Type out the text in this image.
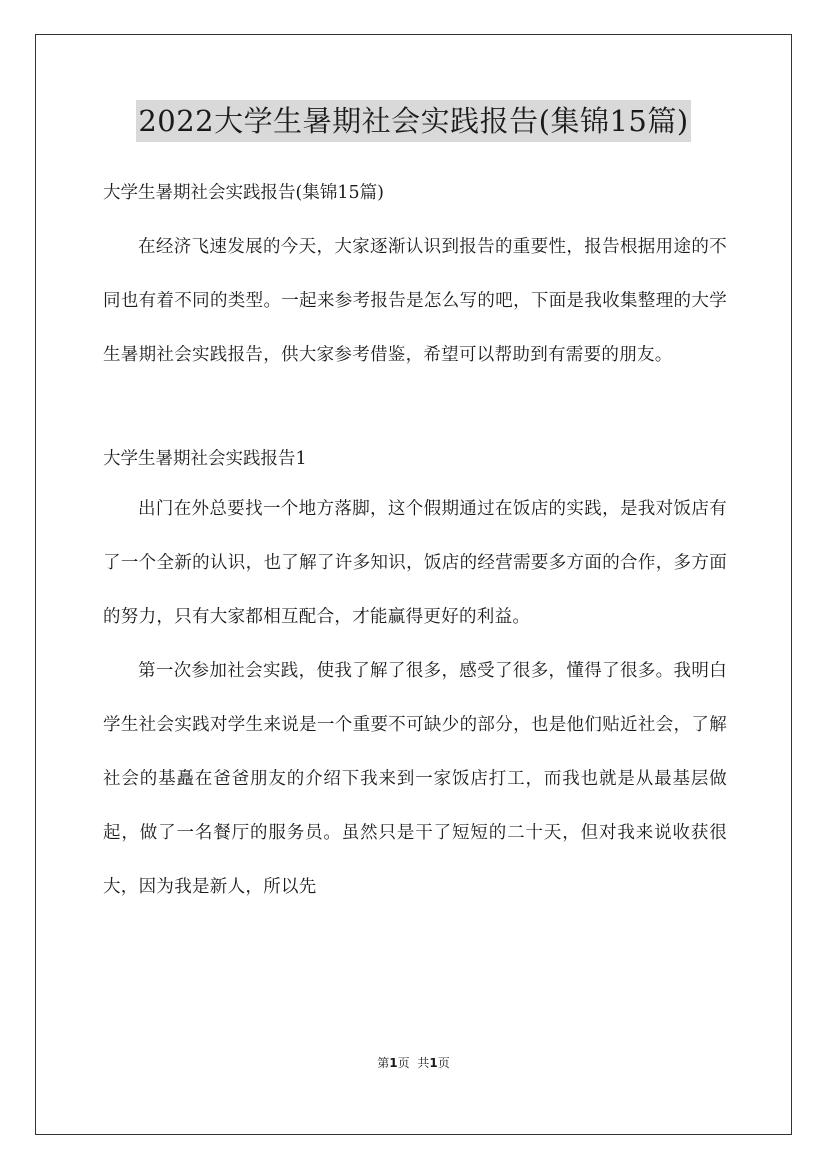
2022大学生暑期社会实践报告(集锦15篇)

大学生暑期社会实践报告(集锦15篇)

在经济飞速发展的今天，大家逐渐认识到报告的重要性，报告根据用途的不同也有着不同的类型。一起来参考报告是怎么写的吧，下面是我收集整理的大学生暑期社会实践报告，供大家参考借鉴，希望可以帮助到有需要的朋友。

大学生暑期社会实践报告1

出门在外总要找一个地方落脚，这个假期通过在饭店的实践，是我对饭店有了一个全新的认识，也了解了许多知识，饭店的经营需要多方面的合作，多方面的努力，只有大家都相互配合，才能赢得更好的利益。

第一次参加社会实践，使我了解了很多，感受了很多，懂得了很多。我明白学生社会实践对学生来说是一个重要不可缺少的部分，也是他们贴近社会，了解社会的基矗在爸爸朋友的介绍下我来到一家饭店打工，而我也就是从最基层做起，做了一名餐厅的服务员。虽然只是干了短短的二十天，但对我来说收获很大，因为我是新人，所以先

第1页 共1页
